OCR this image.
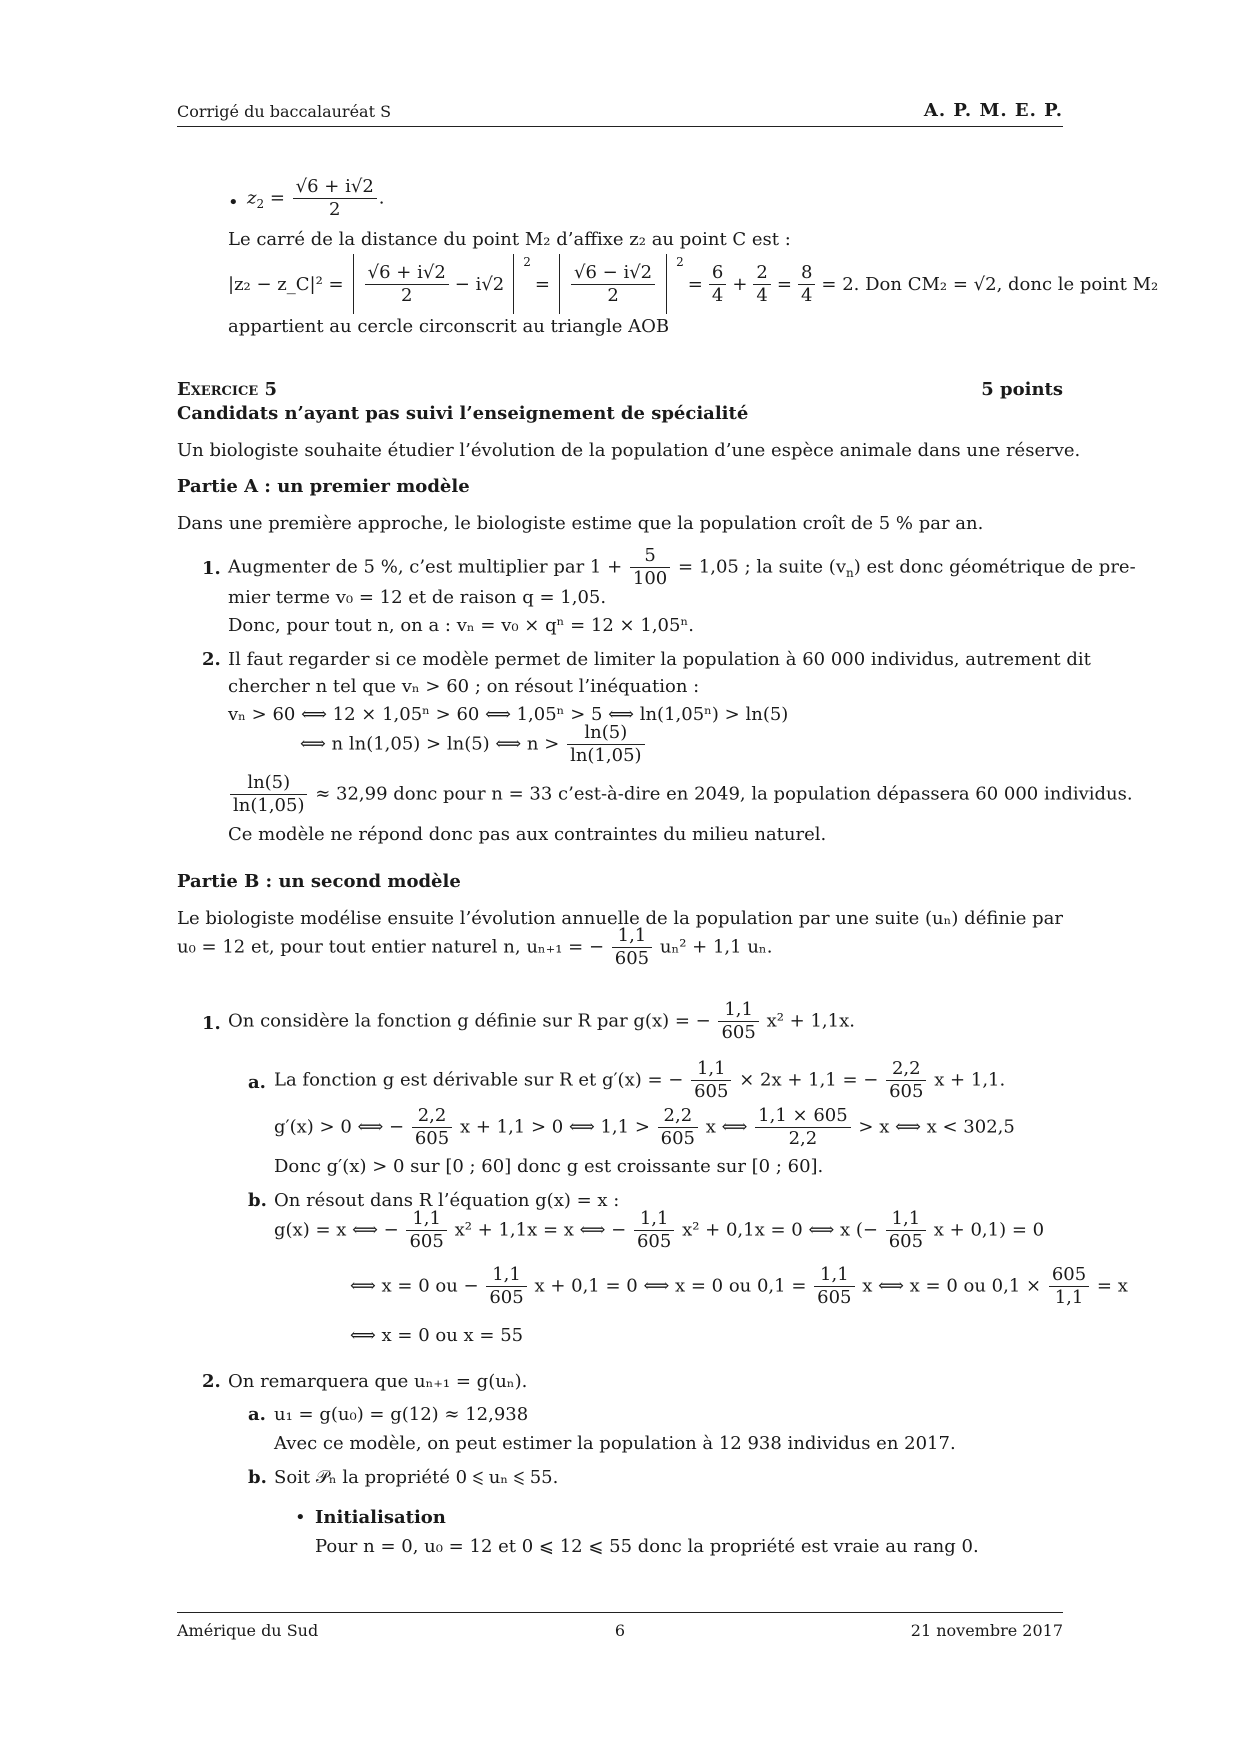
Corrigé du baccalauréat S	A. P. M. E. P.
• $z_2 = \frac{√6 + i√2}{2}$ .
Le carré de la distance du point M₂ d’affixe z₂ au point C est :
|z₂ − z_C|² = $\frac{√6 + i√2}{2} - i√2$
$^2$
= $\frac{√6 - i√2}{2} ^2$
= $\frac{6}{4} + \frac{2}{4} = \frac{8}{4} = 2$. Don CM₂ = √2, donc le point M₂
appartient au cercle circonscrit au triangle AOB
Exercice 5	5 points
Candidats n’ayant pas suivi l’enseignement de spécialité
Un biologiste souhaite étudier l’évolution de la population d’une espèce animale dans une réserve.
Partie A : un premier modèle
Dans une première approche, le biologiste estime que la population croît de 5 % par an.
1. Augmenter de 5 %, c’est multiplier par $1 + \frac{5}{100} = 1,05$ ; la suite $(v_n)$ est donc géométrique de pre-
mier terme v₀ = 12 et de raison q = 1,05.
Donc, pour tout n, on a : vₙ = v₀ × qⁿ = 12 × 1,05ⁿ.
2. Il faut regarder si ce modèle permet de limiter la population à 60 000 individus, autrement dit
chercher n tel que vₙ > 60 ; on résout l’inéquation :
vₙ > 60 ⟺ 12 × 1,05ⁿ > 60 ⟺ 1,05ⁿ > 5 ⟺ ln(1,05ⁿ) > ln(5)
⟺ n ln(1,05) > ln(5) ⟺ $n > \frac{\ln(5)}{\ln(1,05)}$
$\frac{\ln(5)}{\ln(1,05)} \approx 32,99$ donc pour n = 33 c’est-à-dire en 2049, la population dépassera 60 000 individus.
Ce modèle ne répond donc pas aux contraintes du milieu naturel.
Partie B : un second modèle
Le biologiste modélise ensuite l’évolution annuelle de la population par une suite (uₙ) définie par
u₀ = 12 et, pour tout entier naturel n, uₙ₊₁ = − $\frac{1,1}{605} u_n^2 + 1,1$ uₙ.
1. On considère la fonction g définie sur R par g(x) = − $\frac{1,1}{605} x^2 + 1,1x$.
a. La fonction g est dérivable sur R et g′(x) = − $\frac{1,1}{605} \times 2x + 1,1$ = − $\frac{2,2}{605}$ x + 1,1.
g′(x) > 0 ⟺ − $\frac{2,2}{605}$ x + 1,1 > 0 ⟺ $1,1 > \frac{2,2}{605}$ x ⟺ $\frac{1,1 \times 605}{2,2} > x$ ⟺ x < 302,5
Donc g′(x) > 0 sur [0 ; 60] donc g est croissante sur [0 ; 60].
b. On résout dans R l’équation g(x) = x :
g(x) = x ⟺ − $\frac{1,1}{605} x^2 + 1,1x = x$ ⟺ − $\frac{1,1}{605} x^2 + 0,1x = 0$ ⟺ x (− $\frac{1,1}{605}$ x + 0,1) = 0
⟺ x = 0 ou − $\frac{1,1}{605}$ x + 0,1 = 0 ⟺ x = 0 ou $0,1 = \frac{1,1}{605}$ x ⟺ x = 0 ou $0,1 \times \frac{605}{1,1} = x$
⟺ x = 0 ou x = 55
2. On remarquera que uₙ₊₁ = g(uₙ).
a. u₁ = g(u₀) = g(12) ≈ 12,938
Avec ce modèle, on peut estimer la population à 12 938 individus en 2017.
b. Soit 𝒫ₙ la propriété 0 ⩽ uₙ ⩽ 55.
• Initialisation
Pour n = 0, u₀ = 12 et 0 ⩽ 12 ⩽ 55 donc la propriété est vraie au rang 0.
Amérique du Sud	6	21 novembre 2017
